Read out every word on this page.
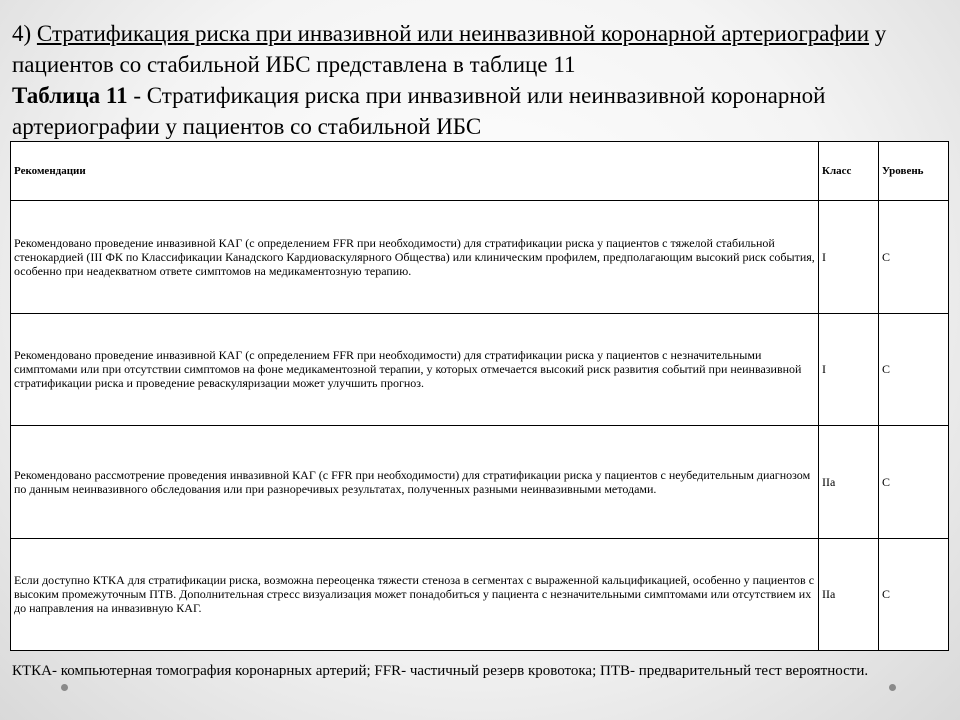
4) Стратификация риска при инвазивной или неинвазивной коронарной артериографии у пациентов со стабильной ИБС представлена в таблице 11

Таблица 11 - Стратификация риска при инвазивной или неинвазивной коронарной артериографии у пациентов со стабильной ИБС

Рекомендации	Класс	Уровень
Рекомендовано проведение инвазивной КАГ (с определением FFR при необходимости) для стратификации риска у пациентов с тяжелой стабильной стенокардией (III ФК по Классификации Канадского Кардиоваскулярного Общества) или клиническим профилем, предполагающим высокий риск события, особенно при неадекватном ответе симптомов на медикаментозную терапию.	I	C
Рекомендовано проведение инвазивной КАГ (с определением FFR при необходимости) для стратификации риска у пациентов с незначительными симптомами или при отсутствии симптомов на фоне медикаментозной терапии, у которых отмечается высокий риск развития событий при неинвазивной стратификации риска и проведение реваскуляризации может улучшить прогноз.	I	C
Рекомендовано рассмотрение проведения инвазивной КАГ (с FFR при необходимости) для стратификации риска у пациентов с неубедительным диагнозом по данным неинвазивного обследования или при разноречивых результатах, полученных разными неинвазивными методами.	IIa	C
Если доступно КТКА для стратификации риска, возможна переоценка тяжести стеноза в сегментах с выраженной кальцификацией, особенно у пациентов с высоким промежуточным ПТВ. Дополнительная стресс визуализация может понадобиться у пациента с незначительными симптомами или отсутствием их до направления на инвазивную КАГ.	IIa	C

КТКА- компьютерная томография коронарных артерий; FFR- частичный резерв кровотока; ПТВ- предварительный тест вероятности.
